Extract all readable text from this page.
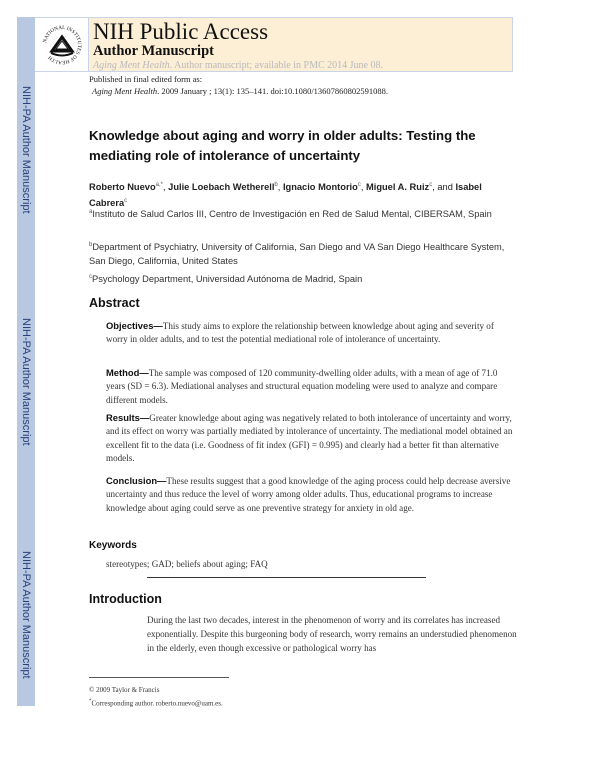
NIH-PA Author Manuscript
NIH-PA Author Manuscript
NIH-PA Author Manuscript
NATIONAL INSTITUTES OF HEALTH
NIH Public Access
Author Manuscript
Aging Ment Health. Author manuscript; available in PMC 2014 June 08.
Published in final edited form as:
Aging Ment Health. 2009 January ; 13(1): 135–141. doi:10.1080/13607860802591088.
Knowledge about aging and worry in older adults: Testing the mediating role of intolerance of uncertainty
Roberto Nuevo$^{a,*}$, Julie Loebach Wetherell$^b$, Ignacio Montorio$^c$, Miguel A. Ruiz$^c$, and Isabel Cabrera$^c$
$^a$Instituto de Salud Carlos III, Centro de Investigación en Red de Salud Mental, CIBERSAM, Spain
$^b$Department of Psychiatry, University of California, San Diego and VA San Diego Healthcare System, San Diego, California, United States
$^c$Psychology Department, Universidad Autónoma de Madrid, Spain
Abstract
Objectives—This study aims to explore the relationship between knowledge about aging and severity of worry in older adults, and to test the potential mediational role of intolerance of uncertainty.
Method—The sample was composed of 120 community-dwelling older adults, with a mean of age of 71.0 years (SD = 6.3). Mediational analyses and structural equation modeling were used to analyze and compare different models.
Results—Greater knowledge about aging was negatively related to both intolerance of uncertainty and worry, and its effect on worry was partially mediated by intolerance of uncertainty. The mediational model obtained an excellent fit to the data (i.e. Goodness of fit index (GFI) = 0.995) and clearly had a better fit than alternative models.
Conclusion—These results suggest that a good knowledge of the aging process could help decrease aversive uncertainty and thus reduce the level of worry among older adults. Thus, educational programs to increase knowledge about aging could serve as one preventive strategy for anxiety in old age.
Keywords
stereotypes; GAD; beliefs about aging; FAQ
Introduction
During the last two decades, interest in the phenomenon of worry and its correlates has increased exponentially. Despite this burgeoning body of research, worry remains an understudied phenomenon in the elderly, even though excessive or pathological worry has
© 2009 Taylor & Francis
*Corresponding author. roberto.nuevo@uam.es.
